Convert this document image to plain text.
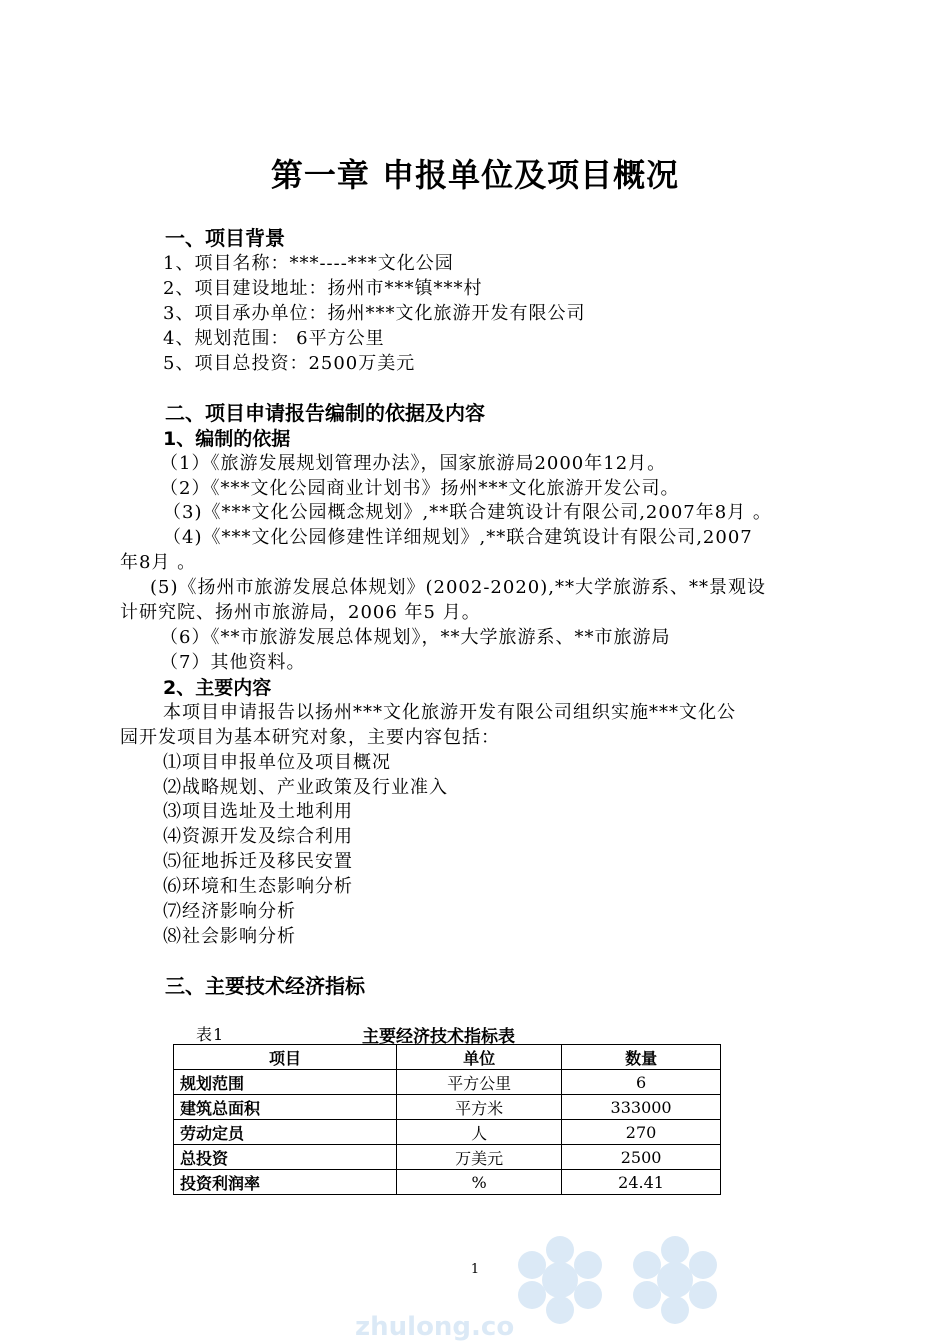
zhulong.co
第一章 申报单位及项目概况
一、项目背景
1、项目名称：***----***文化公园
2、项目建设地址：扬州市***镇***村
3、项目承办单位：扬州***文化旅游开发有限公司
4、规划范围： 6平方公里
5、项目总投资：2500万美元
二、项目申请报告编制的依据及内容
1、编制的依据
（1）《旅游发展规划管理办法》，国家旅游局2000年12月。
（2）《***文化公园商业计划书》扬州***文化旅游开发公司。
（3)《***文化公园概念规划》,**联合建筑设计有限公司,2007年8月 。
（4)《***文化公园修建性详细规划》,**联合建筑设计有限公司,2007
年8月 。
(5)《扬州市旅游发展总体规划》(2002-2020),**大学旅游系、**景观设
计研究院、扬州市旅游局，2006 年5 月。
（6）《**市旅游发展总体规划》，**大学旅游系、**市旅游局
（7）其他资料。
2、主要内容
本项目申请报告以扬州***文化旅游开发有限公司组织实施***文化公
园开发项目为基本研究对象，主要内容包括：
⑴项目申报单位及项目概况
⑵战略规划、产业政策及行业准入
⑶项目选址及土地利用
⑷资源开发及综合利用
⑸征地拆迁及移民安置
⑹环境和生态影响分析
⑺经济影响分析
⑻社会影响分析
三、主要技术经济指标
表1	主要经济技术指标表
项目	单位	数量
规划范围	平方公里	6
建筑总面积	平方米	333000
劳动定员	人	270
总投资	万美元	2500
投资利润率	%	24.41
1
